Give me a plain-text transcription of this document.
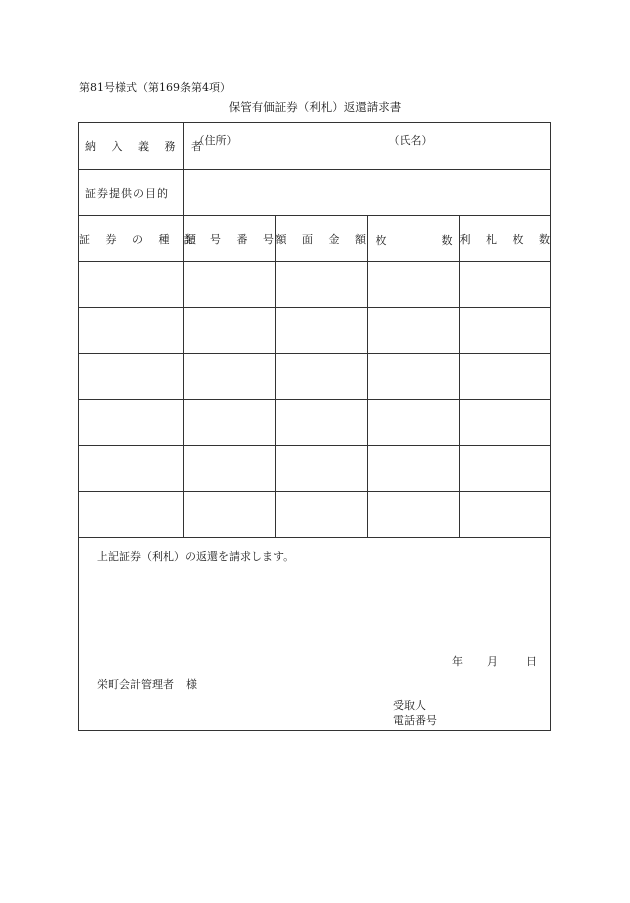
第81号様式（第169条第4項）
保管有価証券（利札）返還請求書
納 入 義 務 者	（住所） （氏名）			

証券提供の目的				
証 券 の 種 類	記 号 番 号	額 面 金 額	枚 数	利 札 枚 数

上記証券（利札）の返還を請求します。
年 月	日
栄町会計管理者 様
受取人
電話番号
